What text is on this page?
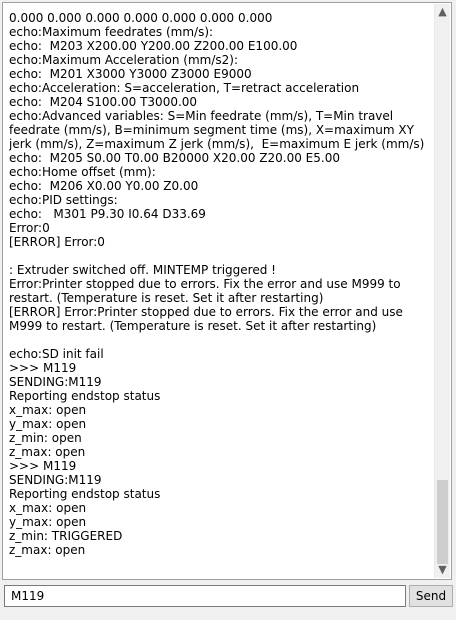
0.000 0.000 0.000 0.000 0.000 0.000 0.000
echo:Maximum feedrates (mm/s):
echo:  M203 X200.00 Y200.00 Z200.00 E100.00
echo:Maximum Acceleration (mm/s2):
echo:  M201 X3000 Y3000 Z3000 E9000
echo:Acceleration: S=acceleration, T=retract acceleration
echo:  M204 S100.00 T3000.00
echo:Advanced variables: S=Min feedrate (mm/s), T=Min travel feedrate (mm/s), B=minimum segment time (ms), X=maximum XY jerk (mm/s), Z=maximum Z jerk (mm/s),  E=maximum E jerk (mm/s)
echo:  M205 S0.00 T0.00 B20000 X20.00 Z20.00 E5.00
echo:Home offset (mm):
echo:  M206 X0.00 Y0.00 Z0.00
echo:PID settings:
echo:   M301 P9.30 I0.64 D33.69
Error:0
[ERROR] Error:0
: Extruder switched off. MINTEMP triggered !
Error:Printer stopped due to errors. Fix the error and use M999 to restart. (Temperature is reset. Set it after restarting)
[ERROR] Error:Printer stopped due to errors. Fix the error and use M999 to restart. (Temperature is reset. Set it after restarting)
echo:SD init fail
>>> M119
SENDING:M119
Reporting endstop status
x_max: open
y_max: open
z_min: open
z_max: open
>>> M119
SENDING:M119
Reporting endstop status
x_max: open
y_max: open
z_min: TRIGGERED
z_max: open
▲
▼
M119
Send
